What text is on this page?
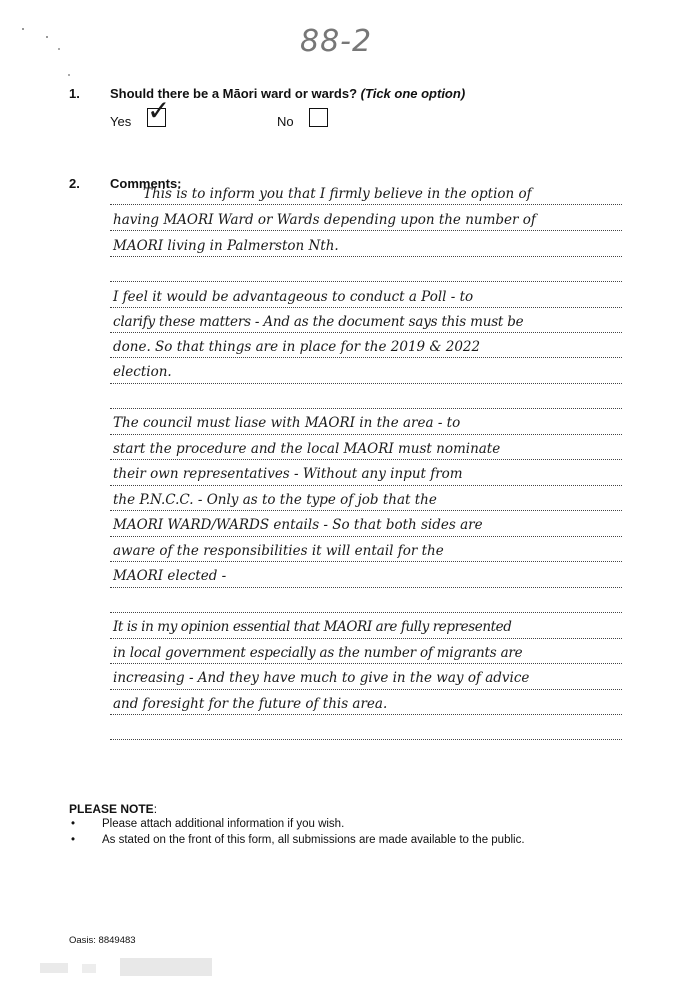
88-2
1. Should there be a Māori ward or wards? (Tick one option)
Yes ✓	No
2. Comments:
This is to inform you that I firmly believe in the option of
having MAORI Ward or Wards depending upon the number of
MAORI living in Palmerston Nth.
I feel it would be advantageous to conduct a Poll - to
clarify these matters - And as the document says this must be
done. So that things are in place for the 2019 & 2022
election.
The council must liase with MAORI in the area - to
start the procedure and the local MAORI must nominate
their own representatives - Without any input from
the P.N.C.C. - Only as to the type of job that the
MAORI WARD/WARDS entails - So that both sides are
aware of the responsibilities it will entail for the
MAORI elected -
It is in my opinion essential that MAORI are fully represented
in local government especially as the number of migrants are
increasing - And they have much to give in the way of advice
and foresight for the future of this area.
PLEASE NOTE:
• Please attach additional information if you wish.
• As stated on the front of this form, all submissions are made available to the public.
Oasis: 8849483
